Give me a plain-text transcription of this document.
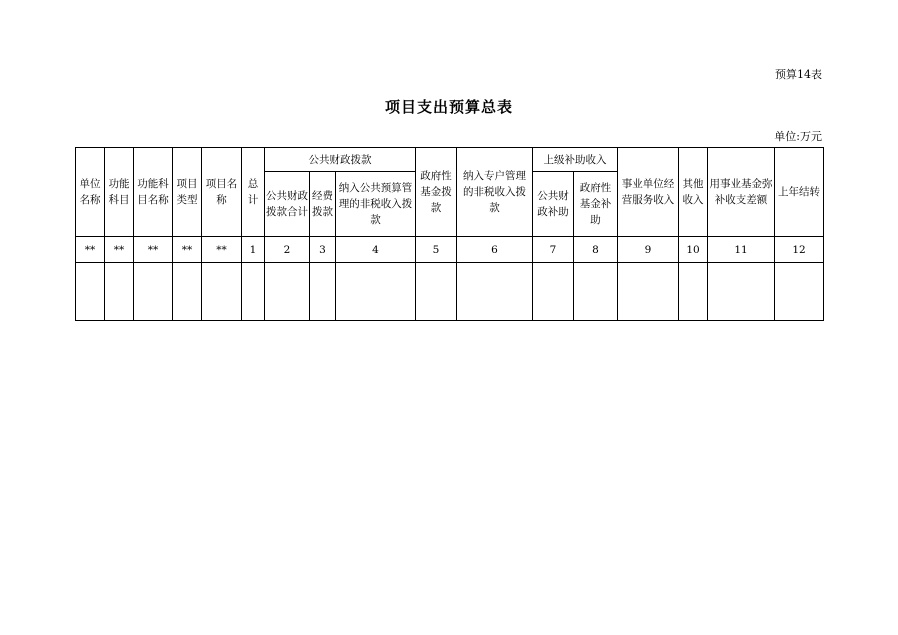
预算14表
项目支出预算总表
单位:万元
单位名称	功能科目	功能科目名称	项目类型	项目名称	总计	公共财政拨款			政府性基金拨款	纳入专户管理的非税收入拨款	上级补助收入		事业单位经营服务收入	其他收入	用事业基金弥补收支差额	上年结转
						公共财政拨款合计	经费拨款	纳入公共预算管理的非税收入拨款			公共财政补助	政府性基金补助				
**	**	**	**	**	1	2	3	4	5	6	7	8	9	10	11	12
